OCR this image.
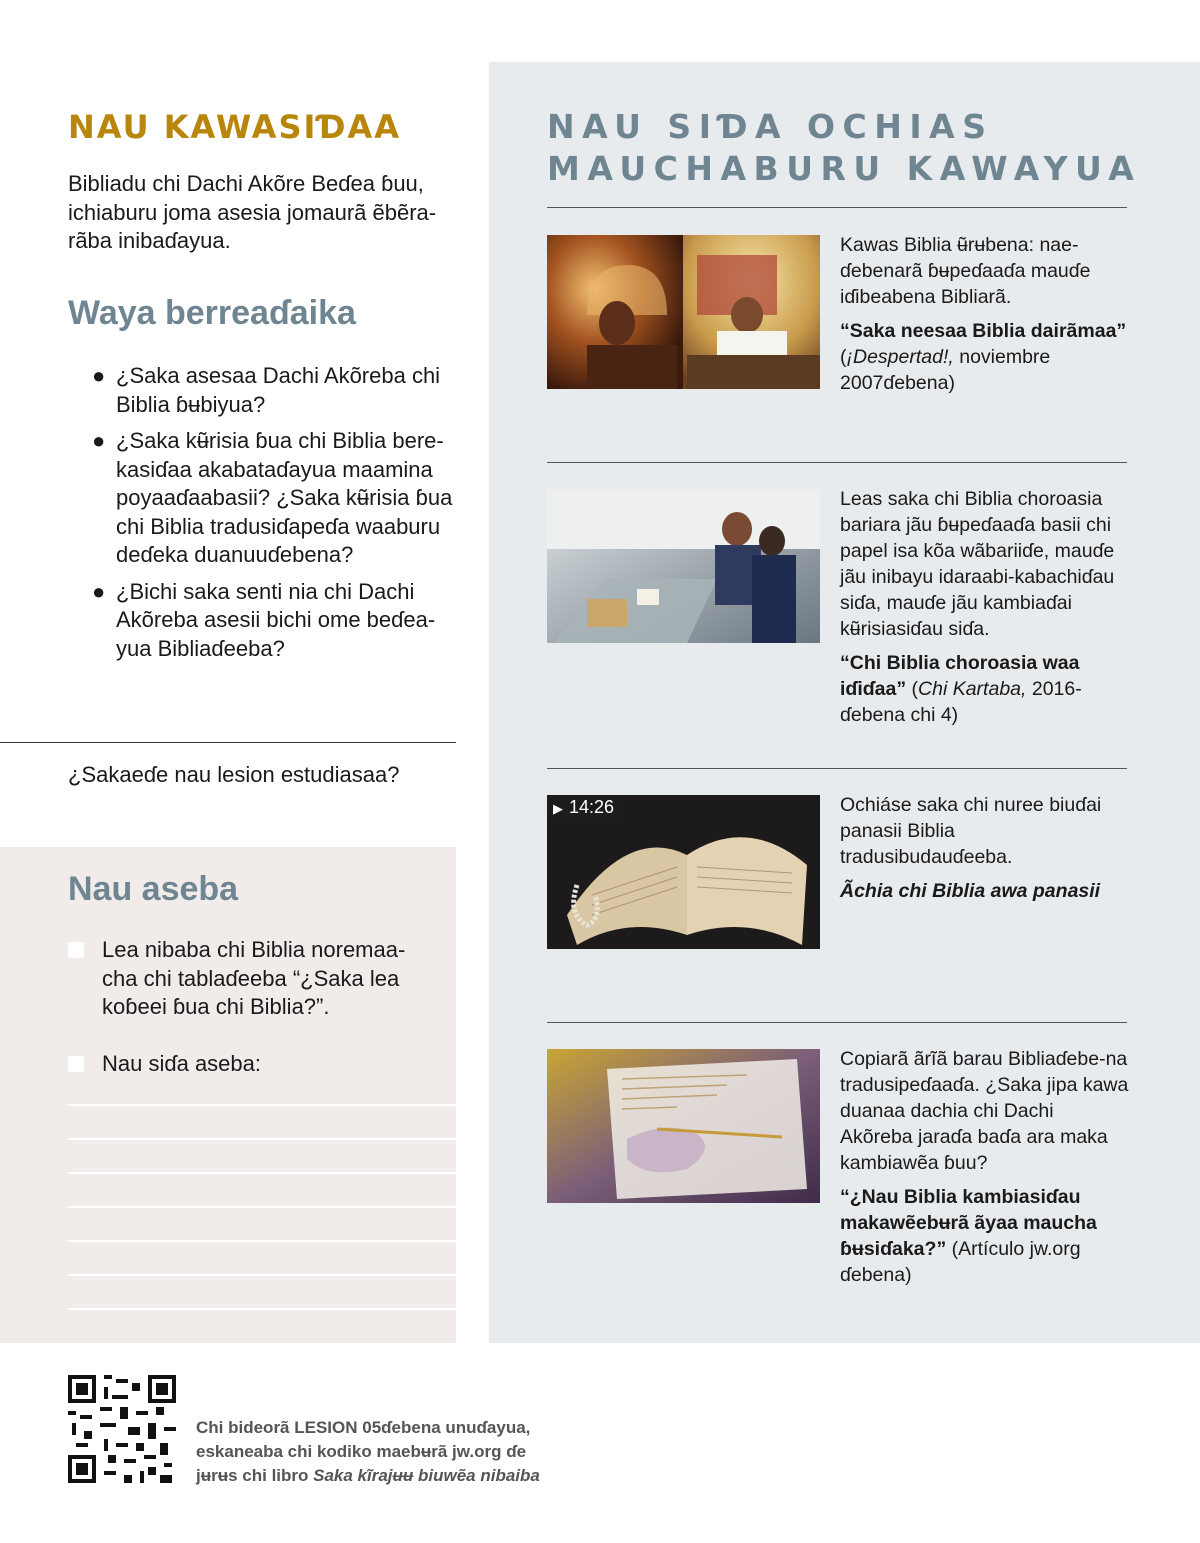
NAU KAWASIƊAA

Bibliadu chi Dachi Akõre Beɗea ɓuu, ichiaburu joma asesia jomaurã ẽbẽra-rãba inibaɗayua.

Waya berreaɗaika
● ¿Saka asesaa Dachi Akõreba chi Biblia ɓʉbiyua?
● ¿Saka kʉ̃risia ɓua chi Biblia bere-kasiɗaa akabataɗayua maamina poyaaɗaabasii? ¿Saka kʉ̃risia ɓua chi Biblia tradusiɗapeɗa waaburu deɗeka duanuuɗebena?
● ¿Bichi saka senti nia chi Dachi Akõreba asesii bichi ome beɗea-yua Bibliaɗeeba?

¿Sakaeɗe nau lesion estudiasaa?

Nau aseba
Lea nibaba chi Biblia noremaa-cha chi tablaɗeeba “¿Saka lea koɓeei ɓua chi Biblia?”.
Nau siɗa aseba:
NAU SIƊA OCHIAS
MAUCHABURU KAWAYUA

Kawas Biblia ʉ̃rʉbena: nae-ɗebenarã ɓʉpeɗaaɗa mauɗe iɗibeabena Bibliarã.

“Saka neesaa Biblia dairãmaa” (¡Despertad!, noviembre 2007ɗebena)

Leas saka chi Biblia choroasia bariara jãu ɓʉpeɗaaɗa basii chi papel isa kõa wãbariiɗe, mauɗe jãu inibayu idaraabi-kabachiɗau siɗa, mauɗe jãu kambiaɗai kʉ̃risiasiɗau siɗa.

“Chi Biblia choroasia waa iɗiɗaa” (Chi Kartaba, 2016-ɗebena chi 4)

▶ 14:26	Ochiáse saka chi nuree biuɗai panasii Biblia tradusibudauɗeeba.

Ãchia chi Biblia awa panasii

Copiarã ãrĩã barau Bibliaɗebe-na tradusipeɗaaɗa. ¿Saka jipa kawa duanaa dachia chi Dachi Akõreba jaraɗa baɗa ara maka kambiawẽa ɓuu?

“¿Nau Biblia kambiasiɗau makawẽebʉrã ãyaa maucha ɓʉsiɗaka?” (Artículo jw.org ɗebena)

Chi bideorã LESION 05ɗebena unuɗayua,
eskaneaba chi kodiko maebʉrã jw.org ɗe
jʉrʉs chi libro Saka kĩrajʉʉ biuwẽa nibaiba
